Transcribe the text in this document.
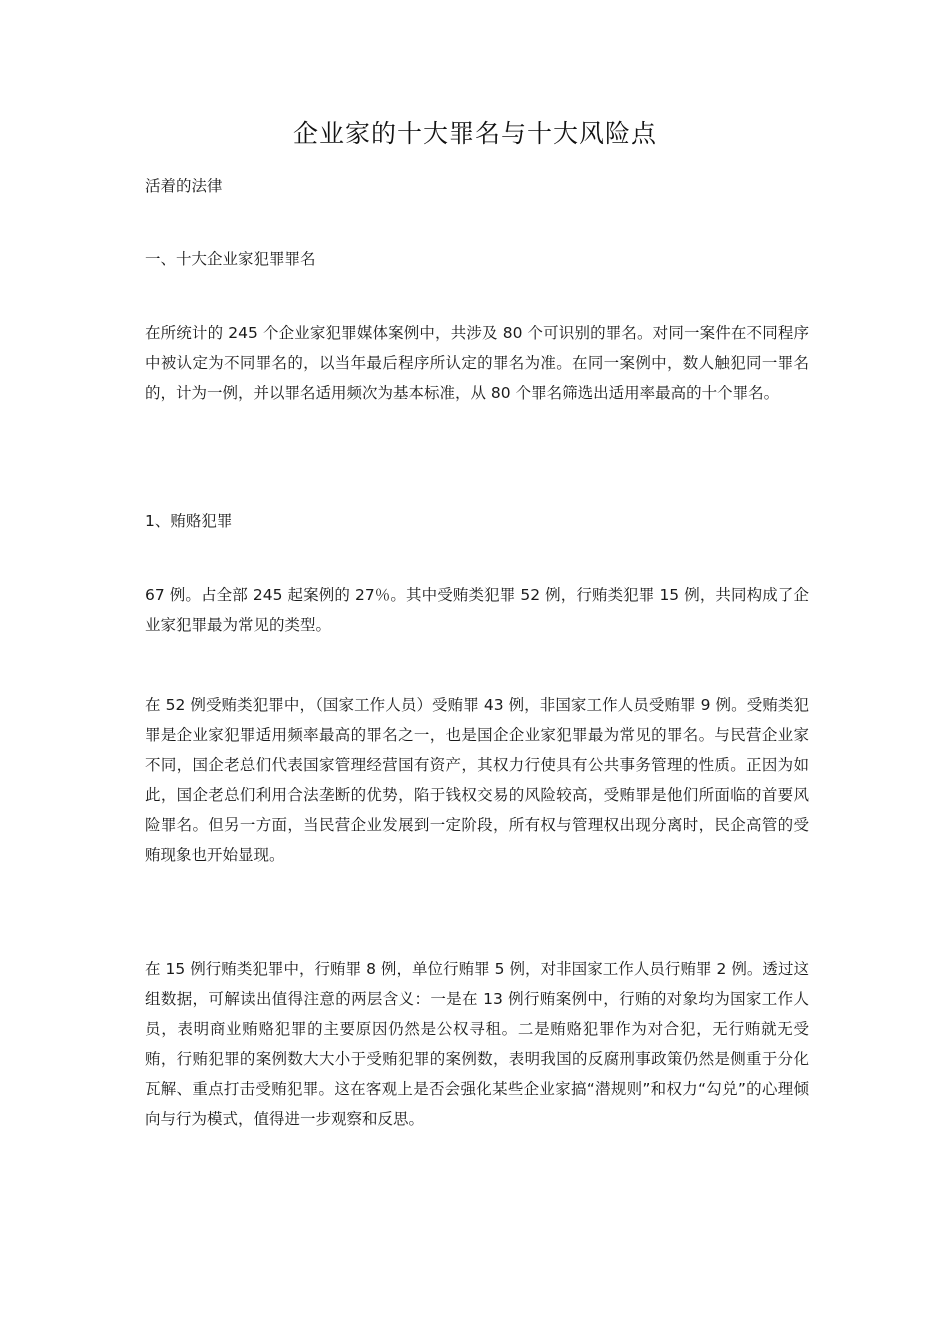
企业家的十大罪名与十大风险点
活着的法律
一、十大企业家犯罪罪名
在所统计的 245 个企业家犯罪媒体案例中，共涉及 80 个可识别的罪名。对同一案件在不同程序中被认定为不同罪名的，以当年最后程序所认定的罪名为准。在同一案例中，数人触犯同一罪名的，计为一例，并以罪名适用频次为基本标准，从 80 个罪名筛选出适用率最高的十个罪名。
1、贿赂犯罪
67 例。占全部 245 起案例的 27％。其中受贿类犯罪 52 例，行贿类犯罪 15 例，共同构成了企业家犯罪最为常见的类型。
在 52 例受贿类犯罪中，（国家工作人员）受贿罪 43 例，非国家工作人员受贿罪 9 例。受贿类犯罪是企业家犯罪适用频率最高的罪名之一，也是国企企业家犯罪最为常见的罪名。与民营企业家不同，国企老总们代表国家管理经营国有资产，其权力行使具有公共事务管理的性质。正因为如此，国企老总们利用合法垄断的优势，陷于钱权交易的风险较高，受贿罪是他们所面临的首要风险罪名。但另一方面，当民营企业发展到一定阶段，所有权与管理权出现分离时，民企高管的受贿现象也开始显现。
在 15 例行贿类犯罪中，行贿罪 8 例，单位行贿罪 5 例，对非国家工作人员行贿罪 2 例。透过这组数据，可解读出值得注意的两层含义：一是在 13 例行贿案例中，行贿的对象均为国家工作人员，表明商业贿赂犯罪的主要原因仍然是公权寻租。二是贿赂犯罪作为对合犯，无行贿就无受贿，行贿犯罪的案例数大大小于受贿犯罪的案例数，表明我国的反腐刑事政策仍然是侧重于分化瓦解、重点打击受贿犯罪。这在客观上是否会强化某些企业家搞“潜规则”和权力“勾兑”的心理倾向与行为模式，值得进一步观察和反思。
